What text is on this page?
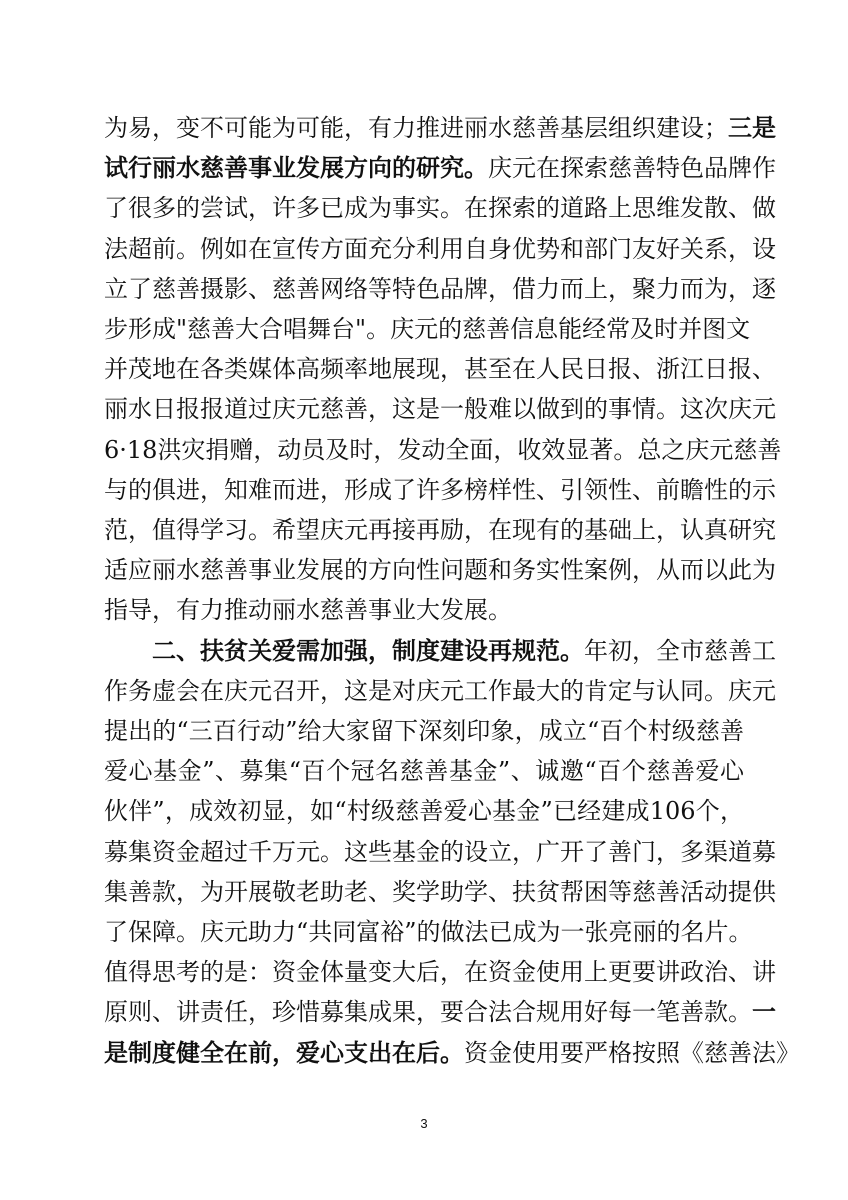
为易，变不可能为可能，有力推进丽水慈善基层组织建设；三是
试行丽水慈善事业发展方向的研究。庆元在探索慈善特色品牌作
了很多的尝试，许多已成为事实。在探索的道路上思维发散、做
法超前。例如在宣传方面充分利用自身优势和部门友好关系，设
立了慈善摄影、慈善网络等特色品牌，借力而上，聚力而为，逐
步形成"慈善大合唱舞台"。庆元的慈善信息能经常及时并图文
并茂地在各类媒体高频率地展现，甚至在人民日报、浙江日报、
丽水日报报道过庆元慈善，这是一般难以做到的事情。这次庆元
6·18洪灾捐赠，动员及时，发动全面，收效显著。总之庆元慈善
与的俱进，知难而进，形成了许多榜样性、引领性、前瞻性的示
范，值得学习。希望庆元再接再励，在现有的基础上，认真研究
适应丽水慈善事业发展的方向性问题和务实性案例，从而以此为
指导，有力推动丽水慈善事业大发展。
　　二、扶贫关爱需加强，制度建设再规范。年初，全市慈善工
作务虚会在庆元召开，这是对庆元工作最大的肯定与认同。庆元
提出的“三百行动”给大家留下深刻印象，成立“百个村级慈善
爱心基金”、募集“百个冠名慈善基金”、诚邀“百个慈善爱心
伙伴”，成效初显，如“村级慈善爱心基金”已经建成106个，
募集资金超过千万元。这些基金的设立，广开了善门，多渠道募
集善款，为开展敬老助老、奖学助学、扶贫帮困等慈善活动提供
了保障。庆元助力“共同富裕”的做法已成为一张亮丽的名片。
值得思考的是：资金体量变大后，在资金使用上更要讲政治、讲
原则、讲责任，珍惜募集成果，要合法合规用好每一笔善款。一
是制度健全在前，爱心支出在后。资金使用要严格按照《慈善法》
3
